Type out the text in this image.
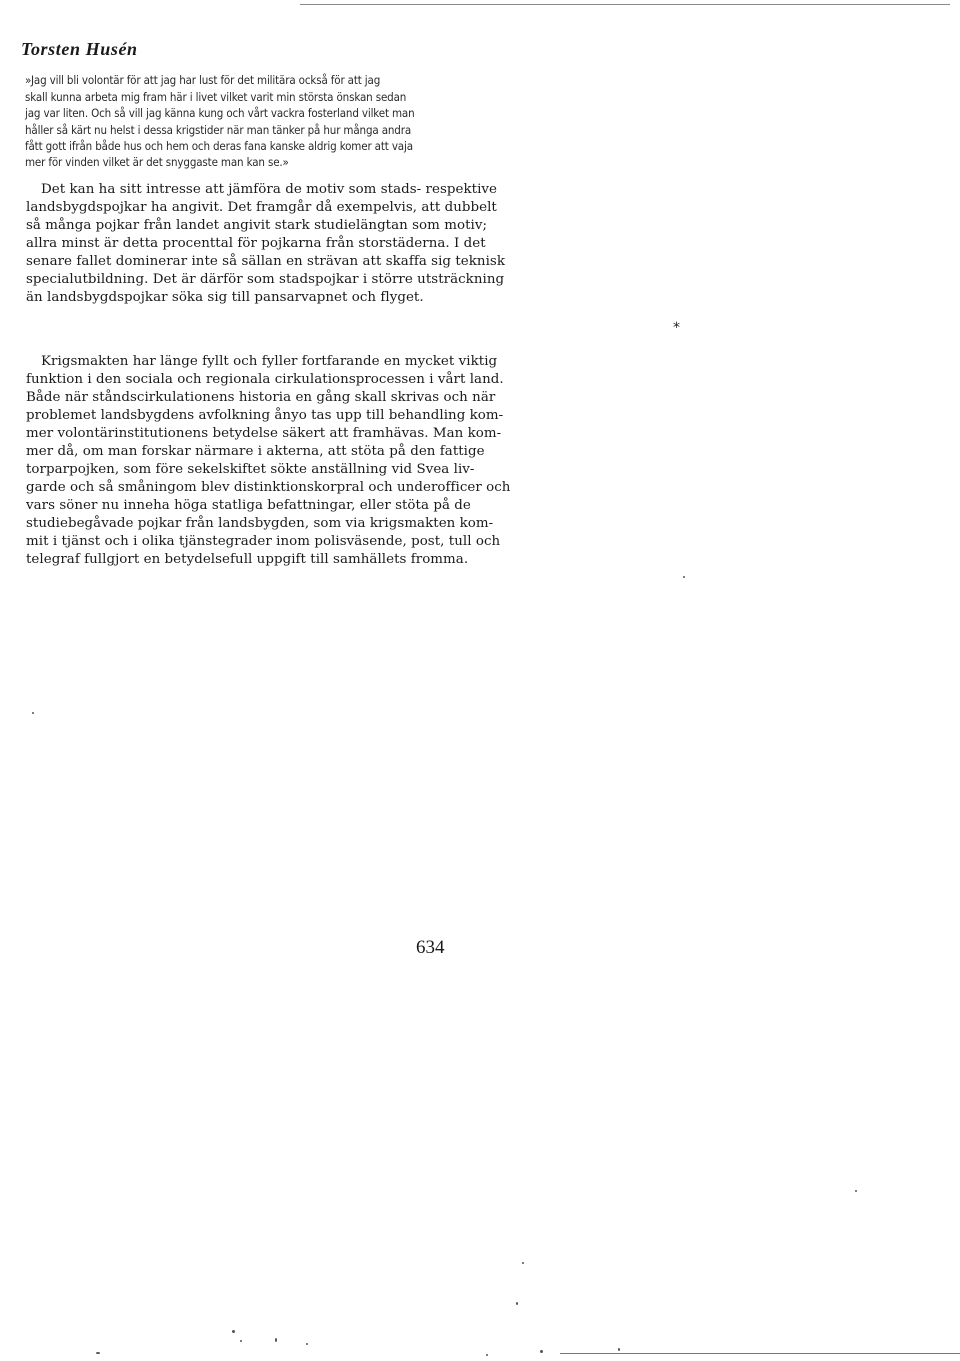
Torsten Husén

»Jag vill bli volontär för att jag har lust för det militära också för att jag

skall kunna arbeta mig fram här i livet vilket varit min största önskan sedan

jag var liten. Och så vill jag känna kung och vårt vackra fosterland vilket man

håller så kärt nu helst i dessa krigstider när man tänker på hur många andra

fått gott ifrån både hus och hem och deras fana kanske aldrig komer att vaja

mer för vinden vilket är det snyggaste man kan se.»

Det kan ha sitt intresse att jämföra de motiv som stads- respektive

landsbygdspojkar ha angivit. Det framgår då exempelvis, att dubbelt

så många pojkar från landet angivit stark studielängtan som motiv;

allra minst är detta procenttal för pojkarna från storstäderna. I det

senare fallet dominerar inte så sällan en strävan att skaffa sig teknisk

specialutbildning. Det är därför som stadspojkar i större utsträckning

än landsbygdspojkar söka sig till pansarvapnet och flyget.

*

Krigsmakten har länge fyllt och fyller fortfarande en mycket viktig

funktion i den sociala och regionala cirkulationsprocessen i vårt land.

Både när ståndscirkulationens historia en gång skall skrivas och när

problemet landsbygdens avfolkning ånyo tas upp till behandling kom-

mer volontärinstitutionens betydelse säkert att framhävas. Man kom-

mer då, om man forskar närmare i akterna, att stöta på den fattige

torparpojken, som före sekelskiftet sökte anställning vid Svea liv-

garde och så småningom blev distinktionskorpral och underofficer och

vars söner nu inneha höga statliga befattningar, eller stöta på de

studiebegåvade pojkar från landsbygden, som via krigsmakten kom-

mit i tjänst och i olika tjänstegrader inom polisväsende, post, tull och

telegraf fullgjort en betydelsefull uppgift till samhällets fromma.

634
